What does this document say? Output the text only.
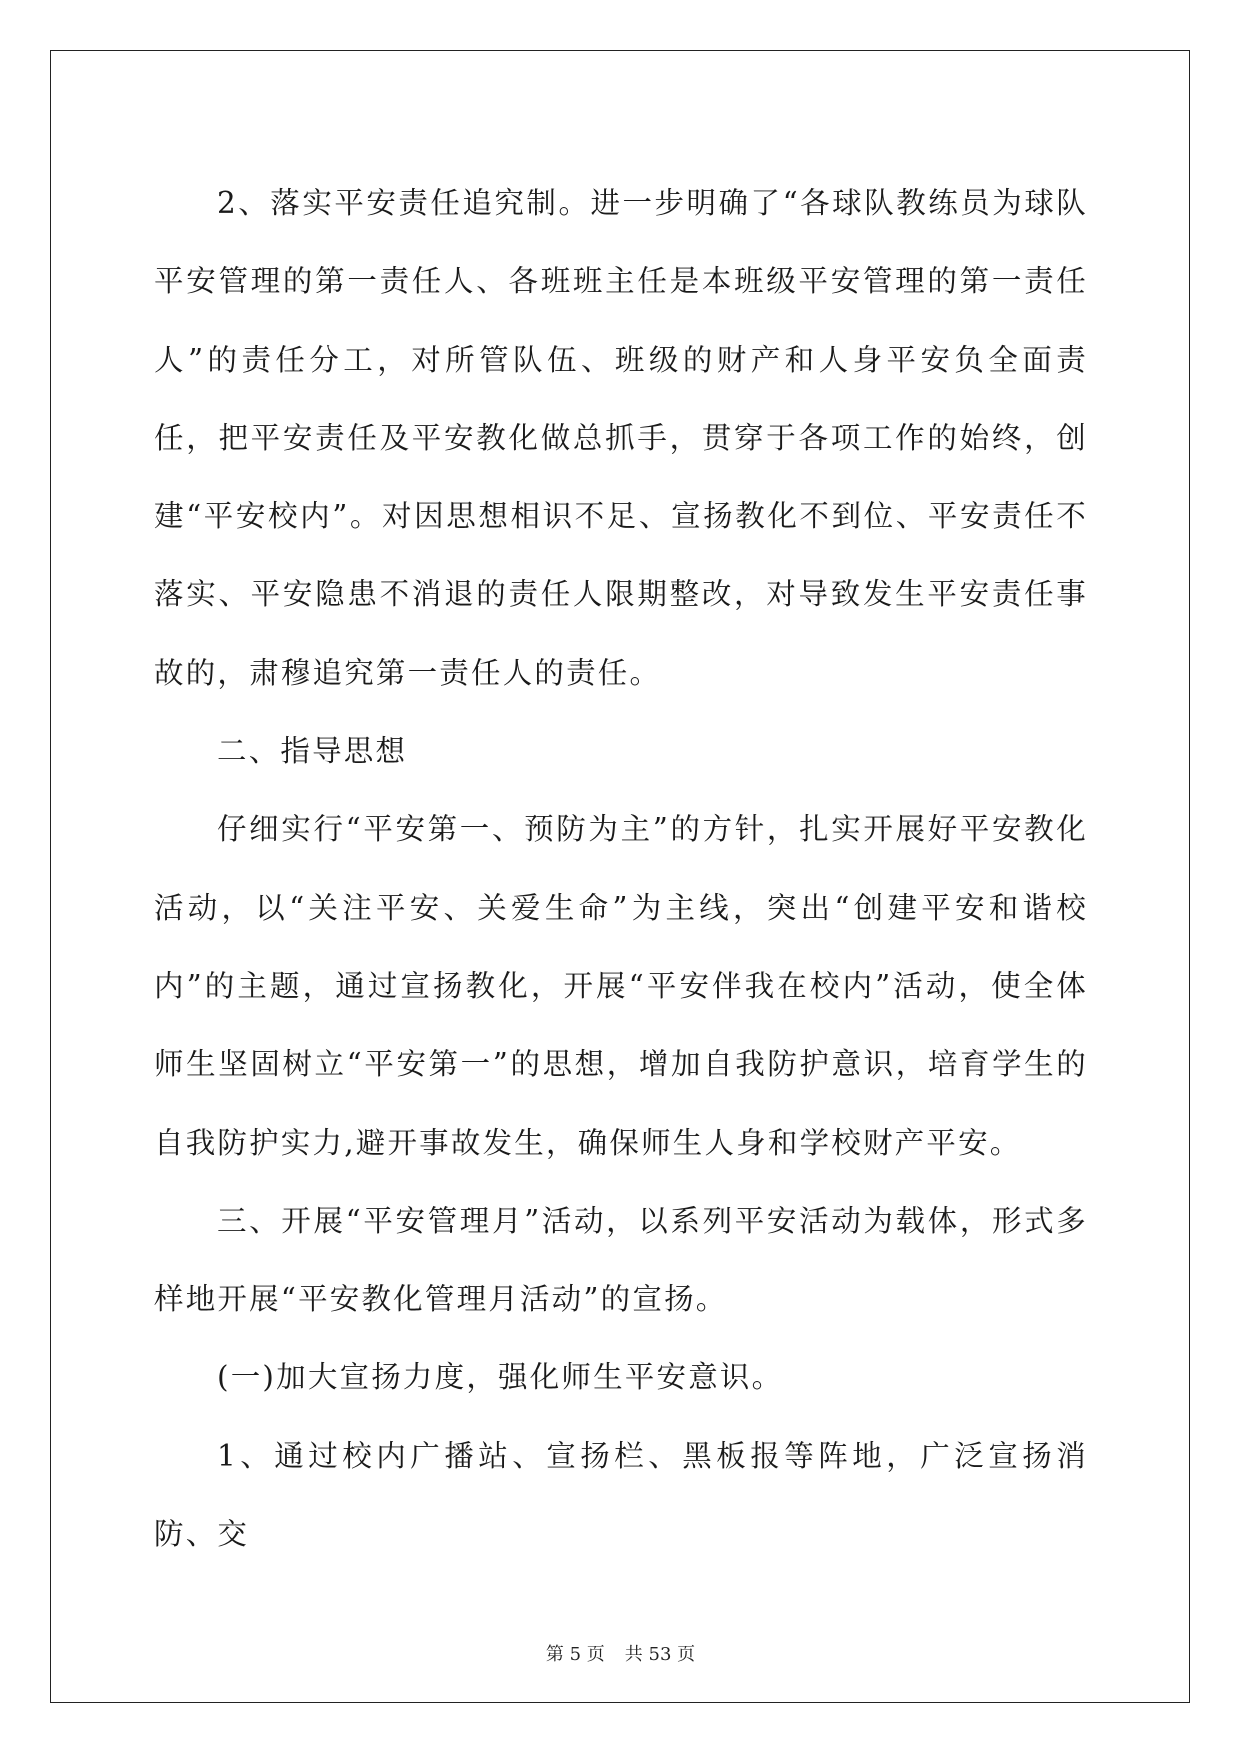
2、落实平安责任追究制。进一步明确了“各球队教练员为球队平安管理的第一责任人、各班班主任是本班级平安管理的第一责任人”的责任分工，对所管队伍、班级的财产和人身平安负全面责任，把平安责任及平安教化做总抓手，贯穿于各项工作的始终，创建“平安校内”。对因思想相识不足、宣扬教化不到位、平安责任不落实、平安隐患不消退的责任人限期整改，对导致发生平安责任事故的，肃穆追究第一责任人的责任。

二、指导思想

仔细实行“平安第一、预防为主”的方针，扎实开展好平安教化活动，以“关注平安、关爱生命”为主线，突出“创建平安和谐校内”的主题，通过宣扬教化，开展“平安伴我在校内”活动，使全体师生坚固树立“平安第一”的思想，增加自我防护意识，培育学生的自我防护实力,避开事故发生，确保师生人身和学校财产平安。

三、开展“平安管理月”活动，以系列平安活动为载体，形式多样地开展“平安教化管理月活动”的宣扬。

(一)加大宣扬力度，强化师生平安意识。

1、通过校内广播站、宣扬栏、黑板报等阵地，广泛宣扬消防、交

第 5 页 共 53 页
